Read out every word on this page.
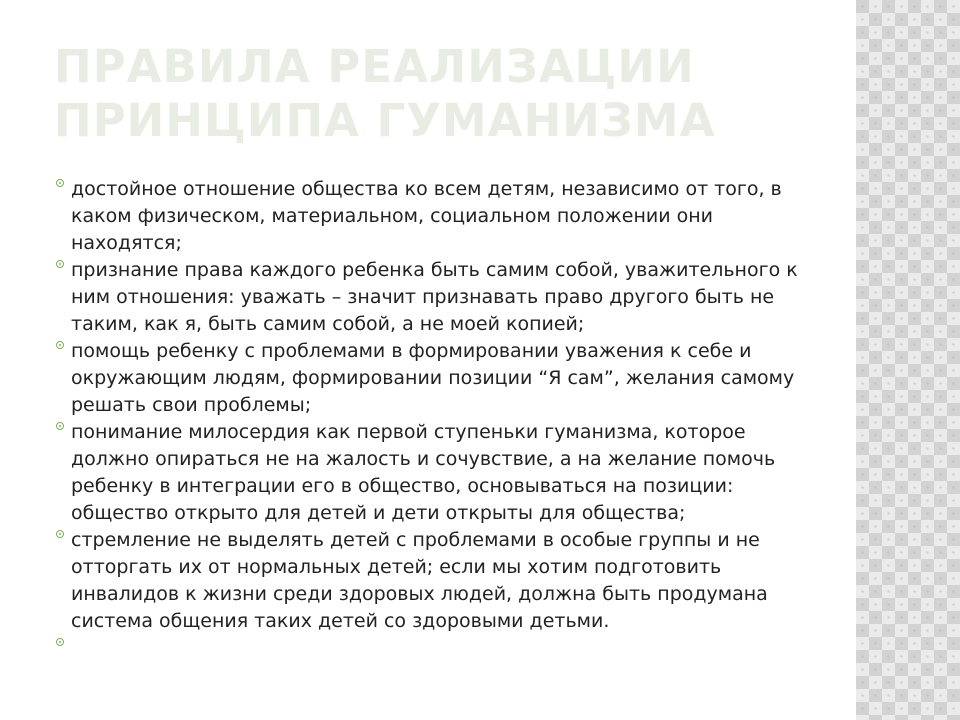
ПРАВИЛА РЕАЛИЗАЦИИ ПРИНЦИПА ГУМАНИЗМА
достойное отношение общества ко всем детям, независимо от того, в каком физическом, материальном, социальном положении они находятся;
признание права каждого ребенка быть самим собой, уважительного к ним отношения: уважать – значит признавать право другого быть не таким, как я, быть самим собой, а не моей копией;
помощь ребенку с проблемами в формировании уважения к себе и окружающим людям, формировании позиции “Я сам”, желания самому решать свои проблемы;
понимание милосердия как первой ступеньки гуманизма, которое должно опираться не на жалость и сочувствие, а на желание помочь ребенку в интеграции его в общество, основываться на позиции: общество открыто для детей и дети открыты для общества;
стремление не выделять детей с проблемами в особые группы и не отторгать их от нормальных детей; если мы хотим подготовить инвалидов к жизни среди здоровых людей, должна быть продумана система общения таких детей со здоровыми детьми.
